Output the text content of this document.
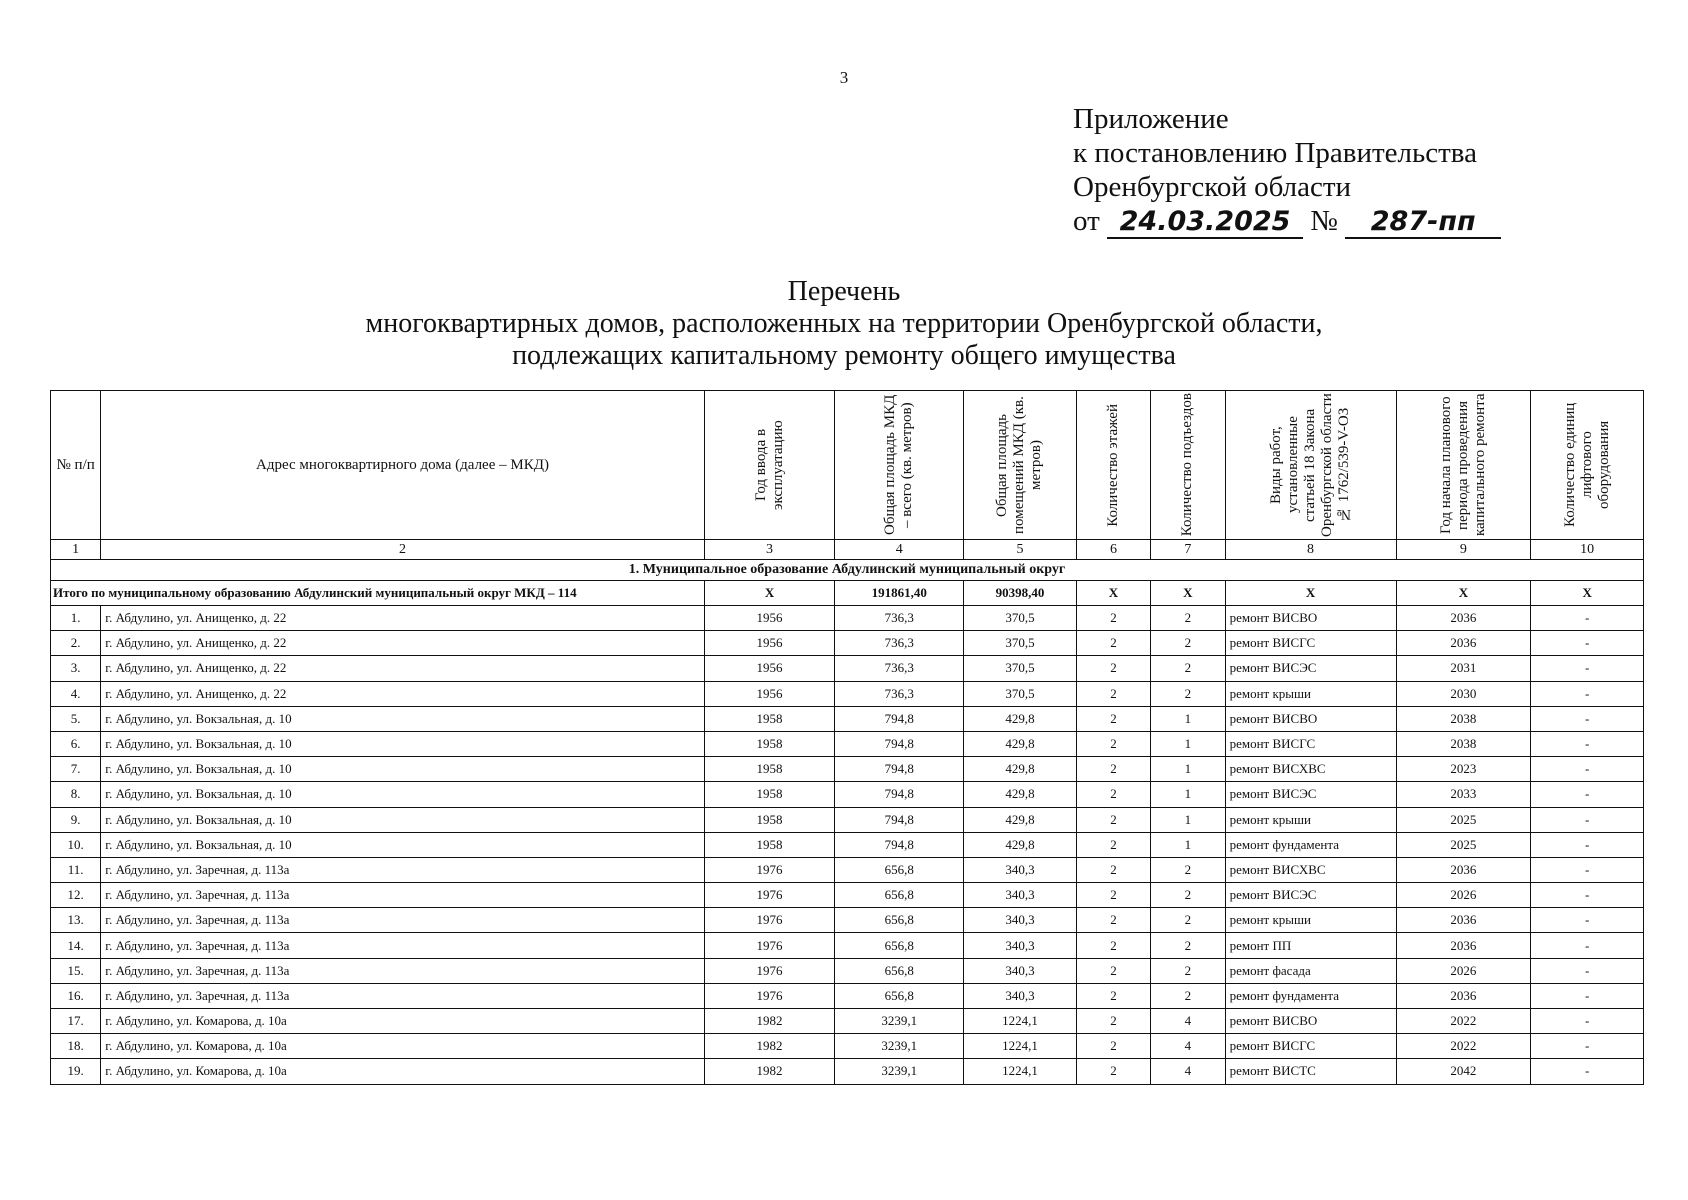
3
Приложение
к постановлению Правительства
Оренбургской области
от 24.03.2025 № 287-пп
Перечень
многоквартирных домов, расположенных на территории Оренбургской области,
подлежащих капитальному ремонту общего имущества
№ п/п	Адрес многоквартирного дома (далее – МКД)	Год ввода в эксплуатацию	Общая площадь МКД – всего (кв. метров)	Общая площадь помещений МКД (кв. метров)	Количество этажей	Количество подъездов	Виды работ, установленные статьей 18 Закона Оренбургской области № 1762/539-V-ОЗ	Год начала планового периода проведения капитального ремонта	Количество единиц лифтового оборудования

1	2	3	4	5	6	7	8	9	10
1. Муниципальное образование Абдулинский муниципальный округ									
Итого по муниципальному образованию Абдулинский муниципальный округ МКД – 114		Х	191861,40	90398,40	Х	Х	Х	Х	Х
1.	г. Абдулино, ул. Анищенко, д. 22	1956	736,3	370,5	2	2	ремонт ВИСВО	2036	-
2.	г. Абдулино, ул. Анищенко, д. 22	1956	736,3	370,5	2	2	ремонт ВИСГС	2036	-
3.	г. Абдулино, ул. Анищенко, д. 22	1956	736,3	370,5	2	2	ремонт ВИСЭС	2031	-
4.	г. Абдулино, ул. Анищенко, д. 22	1956	736,3	370,5	2	2	ремонт крыши	2030	-
5.	г. Абдулино, ул. Вокзальная, д. 10	1958	794,8	429,8	2	1	ремонт ВИСВО	2038	-
6.	г. Абдулино, ул. Вокзальная, д. 10	1958	794,8	429,8	2	1	ремонт ВИСГС	2038	-
7.	г. Абдулино, ул. Вокзальная, д. 10	1958	794,8	429,8	2	1	ремонт ВИСХВС	2023	-
8.	г. Абдулино, ул. Вокзальная, д. 10	1958	794,8	429,8	2	1	ремонт ВИСЭС	2033	-
9.	г. Абдулино, ул. Вокзальная, д. 10	1958	794,8	429,8	2	1	ремонт крыши	2025	-
10.	г. Абдулино, ул. Вокзальная, д. 10	1958	794,8	429,8	2	1	ремонт фундамента	2025	-
11.	г. Абдулино, ул. Заречная, д. 113а	1976	656,8	340,3	2	2	ремонт ВИСХВС	2036	-
12.	г. Абдулино, ул. Заречная, д. 113а	1976	656,8	340,3	2	2	ремонт ВИСЭС	2026	-
13.	г. Абдулино, ул. Заречная, д. 113а	1976	656,8	340,3	2	2	ремонт крыши	2036	-
14.	г. Абдулино, ул. Заречная, д. 113а	1976	656,8	340,3	2	2	ремонт ПП	2036	-
15.	г. Абдулино, ул. Заречная, д. 113а	1976	656,8	340,3	2	2	ремонт фасада	2026	-
16.	г. Абдулино, ул. Заречная, д. 113а	1976	656,8	340,3	2	2	ремонт фундамента	2036	-
17.	г. Абдулино, ул. Комарова, д. 10а	1982	3239,1	1224,1	2	4	ремонт ВИСВО	2022	-
18.	г. Абдулино, ул. Комарова, д. 10а	1982	3239,1	1224,1	2	4	ремонт ВИСГС	2022	-
19.	г. Абдулино, ул. Комарова, д. 10а	1982	3239,1	1224,1	2	4	ремонт ВИСТС	2042	-
